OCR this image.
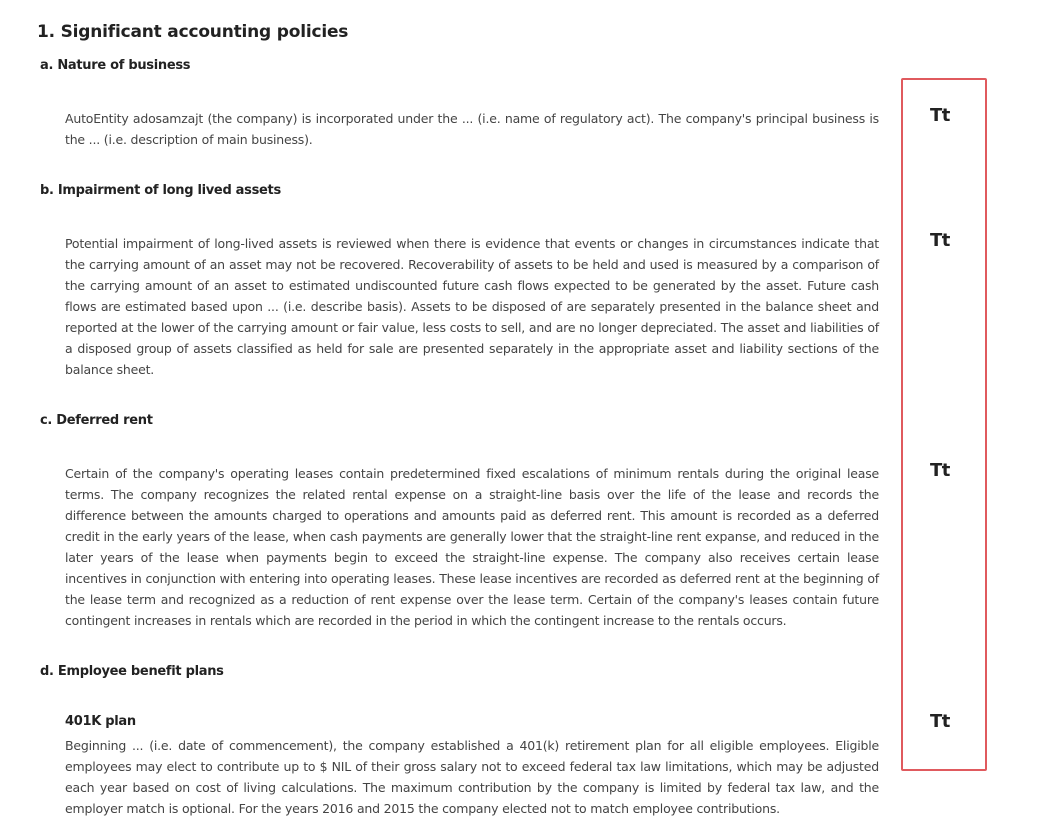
1. Significant accounting policies
a. Nature of business
AutoEntity adosamzajt (the company) is incorporated under the ... (i.e. name of regulatory act). The company's principal business is the ... (i.e. description of main business).
b. Impairment of long lived assets
Potential impairment of long-lived assets is reviewed when there is evidence that events or changes in circumstances indicate that the carrying amount of an asset may not be recovered. Recoverability of assets to be held and used is measured by a comparison of the carrying amount of an asset to estimated undiscounted future cash flows expected to be generated by the asset. Future cash flows are estimated based upon ... (i.e. describe basis). Assets to be disposed of are separately presented in the balance sheet and reported at the lower of the carrying amount or fair value, less costs to sell, and are no longer depreciated. The asset and liabilities of a disposed group of assets classified as held for sale are presented separately in the appropriate asset and liability sections of the balance sheet.
c. Deferred rent
Certain of the company's operating leases contain predetermined fixed escalations of minimum rentals during the original lease terms. The company recognizes the related rental expense on a straight-line basis over the life of the lease and records the difference between the amounts charged to operations and amounts paid as deferred rent. This amount is recorded as a deferred credit in the early years of the lease, when cash payments are generally lower that the straight-line rent expanse, and reduced in the later years of the lease when payments begin to exceed the straight-line expense. The company also receives certain lease incentives in conjunction with entering into operating leases. These lease incentives are recorded as deferred rent at the beginning of the lease term and recognized as a reduction of rent expense over the lease term. Certain of the company's leases contain future contingent increases in rentals which are recorded in the period in which the contingent increase to the rentals occurs.
d. Employee benefit plans
401K plan
Beginning ... (i.e. date of commencement), the company established a 401(k) retirement plan for all eligible employees. Eligible employees may elect to contribute up to $ NIL of their gross salary not to exceed federal tax law limitations, which may be adjusted each year based on cost of living calculations. The maximum contribution by the company is limited by federal tax law, and the employer match is optional. For the years 2016 and 2015 the company elected not to match employee contributions.
Tt
Tt
Tt
Tt
